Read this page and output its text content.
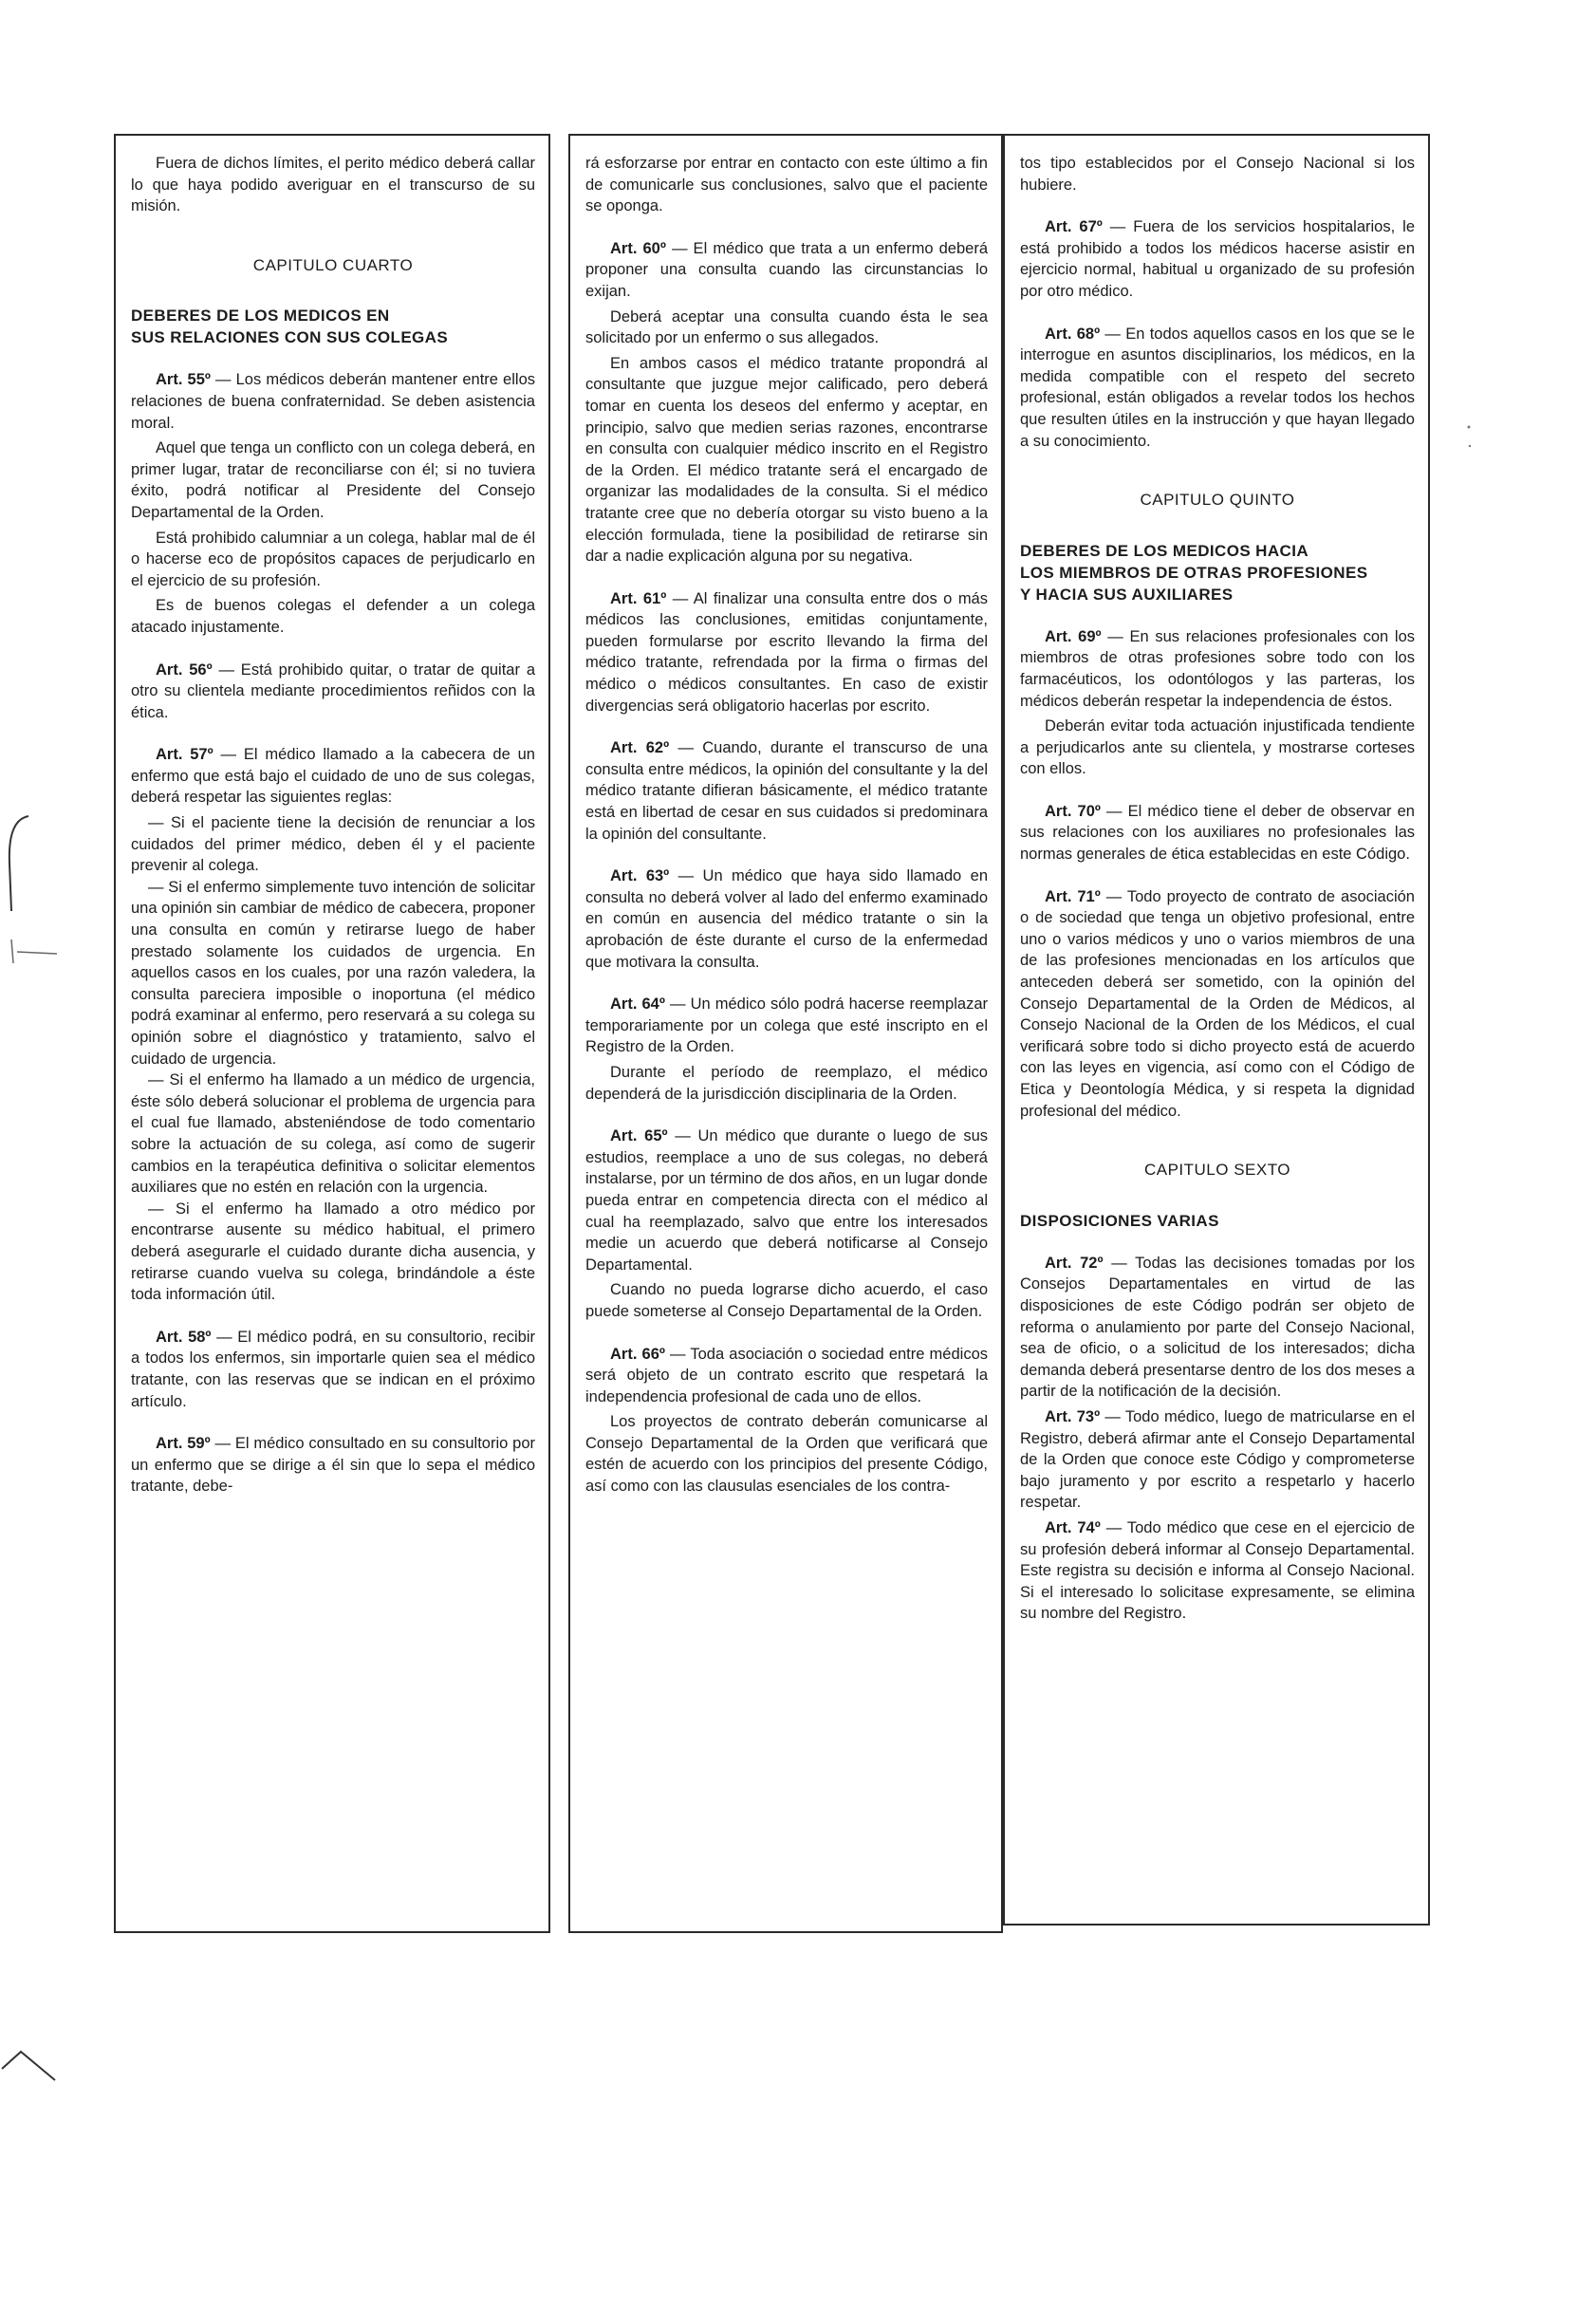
Fuera de dichos límites, el perito médico deberá callar lo que haya podido averiguar en el transcurso de su misión.

CAPITULO CUARTO
DEBERES DE LOS MEDICOS EN
SUS RELACIONES CON SUS COLEGAS

Art. 55º — Los médicos deberán mantener entre ellos relaciones de buena confraternidad. Se deben asistencia moral.

Aquel que tenga un conflicto con un colega deberá, en primer lugar, tratar de reconciliarse con él; si no tuviera éxito, podrá notificar al Presidente del Consejo Departamental de la Orden.

Está prohibido calumniar a un colega, hablar mal de él o hacerse eco de propósitos capaces de perjudicarlo en el ejercicio de su profesión.

Es de buenos colegas el defender a un colega atacado injustamente.

Art. 56º — Está prohibido quitar, o tratar de quitar a otro su clientela mediante procedimientos reñidos con la ética.

Art. 57º — El médico llamado a la cabecera de un enfermo que está bajo el cuidado de uno de sus colegas, deberá respetar las siguientes reglas:

— Si el paciente tiene la decisión de renunciar a los cuidados del primer médico, deben él y el paciente prevenir al colega.

— Si el enfermo simplemente tuvo intención de solicitar una opinión sin cambiar de médico de cabecera, proponer una consulta en común y retirarse luego de haber prestado solamente los cuidados de urgencia. En aquellos casos en los cuales, por una razón valedera, la consulta pareciera imposible o inoportuna (el médico podrá examinar al enfermo, pero reservará a su colega su opinión sobre el diagnóstico y tratamiento, salvo el cuidado de urgencia.

— Si el enfermo ha llamado a un médico de urgencia, éste sólo deberá solucionar el problema de urgencia para el cual fue llamado, absteniéndose de todo comentario sobre la actuación de su colega, así como de sugerir cambios en la terapéutica definitiva o solicitar elementos auxiliares que no estén en relación con la urgencia.

— Si el enfermo ha llamado a otro médico por encontrarse ausente su médico habitual, el primero deberá asegurarle el cuidado durante dicha ausencia, y retirarse cuando vuelva su colega, brindándole a éste toda información útil.

Art. 58º — El médico podrá, en su consultorio, recibir a todos los enfermos, sin importarle quien sea el médico tratante, con las reservas que se indican en el próximo artículo.

Art. 59º — El médico consultado en su consultorio por un enfermo que se dirige a él sin que lo sepa el médico tratante, debe-

rá esforzarse por entrar en contacto con este último a fin de comunicarle sus conclusiones, salvo que el paciente se oponga.

Art. 60º — El médico que trata a un enfermo deberá proponer una consulta cuando las circunstancias lo exijan.

Deberá aceptar una consulta cuando ésta le sea solicitado por un enfermo o sus allegados.

En ambos casos el médico tratante propondrá al consultante que juzgue mejor calificado, pero deberá tomar en cuenta los deseos del enfermo y aceptar, en principio, salvo que medien serias razones, encontrarse en consulta con cualquier médico inscrito en el Registro de la Orden. El médico tratante será el encargado de organizar las modalidades de la consulta. Si el médico tratante cree que no debería otorgar su visto bueno a la elección formulada, tiene la posibilidad de retirarse sin dar a nadie explicación alguna por su negativa.

Art. 61º — Al finalizar una consulta entre dos o más médicos las conclusiones, emitidas conjuntamente, pueden formularse por escrito llevando la firma del médico tratante, refrendada por la firma o firmas del médico o médicos consultantes. En caso de existir divergencias será obligatorio hacerlas por escrito.

Art. 62º — Cuando, durante el transcurso de una consulta entre médicos, la opinión del consultante y la del médico tratante difieran básicamente, el médico tratante está en libertad de cesar en sus cuidados si predominara la opinión del consultante.

Art. 63º — Un médico que haya sido llamado en consulta no deberá volver al lado del enfermo examinado en común en ausencia del médico tratante o sin la aprobación de éste durante el curso de la enfermedad que motivara la consulta.

Art. 64º — Un médico sólo podrá hacerse reemplazar temporariamente por un colega que esté inscripto en el Registro de la Orden.

Durante el período de reemplazo, el médico dependerá de la jurisdicción disciplinaria de la Orden.

Art. 65º — Un médico que durante o luego de sus estudios, reemplace a uno de sus colegas, no deberá instalarse, por un término de dos años, en un lugar donde pueda entrar en competencia directa con el médico al cual ha reemplazado, salvo que entre los interesados medie un acuerdo que deberá notificarse al Consejo Departamental.

Cuando no pueda lograrse dicho acuerdo, el caso puede someterse al Consejo Departamental de la Orden.

Art. 66º — Toda asociación o sociedad entre médicos será objeto de un contrato escrito que respetará la independencia profesional de cada uno de ellos.

Los proyectos de contrato deberán comunicarse al Consejo Departamental de la Orden que verificará que estén de acuerdo con los principios del presente Código, así como con las clausulas esenciales de los contra-

tos tipo establecidos por el Consejo Nacional si los hubiere.

Art. 67º — Fuera de los servicios hospitalarios, le está prohibido a todos los médicos hacerse asistir en ejercicio normal, habitual u organizado de su profesión por otro médico.

Art. 68º — En todos aquellos casos en los que se le interrogue en asuntos disciplinarios, los médicos, en la medida compatible con el respeto del secreto profesional, están obligados a revelar todos los hechos que resulten útiles en la instrucción y que hayan llegado a su conocimiento.

CAPITULO QUINTO
DEBERES DE LOS MEDICOS HACIA
LOS MIEMBROS DE OTRAS PROFESIONES
Y HACIA SUS AUXILIARES

Art. 69º — En sus relaciones profesionales con los miembros de otras profesiones sobre todo con los farmacéuticos, los odontólogos y las parteras, los médicos deberán respetar la independencia de éstos.

Deberán evitar toda actuación injustificada tendiente a perjudicarlos ante su clientela, y mostrarse corteses con ellos.

Art. 70º — El médico tiene el deber de observar en sus relaciones con los auxiliares no profesionales las normas generales de ética establecidas en este Código.

Art. 71º — Todo proyecto de contrato de asociación o de sociedad que tenga un objetivo profesional, entre uno o varios médicos y uno o varios miembros de una de las profesiones mencionadas en los artículos que anteceden deberá ser sometido, con la opinión del Consejo Departamental de la Orden de Médicos, al Consejo Nacional de la Orden de los Médicos, el cual verificará sobre todo si dicho proyecto está de acuerdo con las leyes en vigencia, así como con el Código de Etica y Deontología Médica, y si respeta la dignidad profesional del médico.

CAPITULO SEXTO
DISPOSICIONES VARIAS

Art. 72º — Todas las decisiones tomadas por los Consejos Departamentales en virtud de las disposiciones de este Código podrán ser objeto de reforma o anulamiento por parte del Consejo Nacional, sea de oficio, o a solicitud de los interesados; dicha demanda deberá presentarse dentro de los dos meses a partir de la notificación de la decisión.

Art. 73º — Todo médico, luego de matricularse en el Registro, deberá afirmar ante el Consejo Departamental de la Orden que conoce este Código y comprometerse bajo juramento y por escrito a respetarlo y hacerlo respetar.

Art. 74º — Todo médico que cese en el ejercicio de su profesión deberá informar al Consejo Departamental. Este registra su decisión e informa al Consejo Nacional. Si el interesado lo solicitase expresamente, se elimina su nombre del Registro.
